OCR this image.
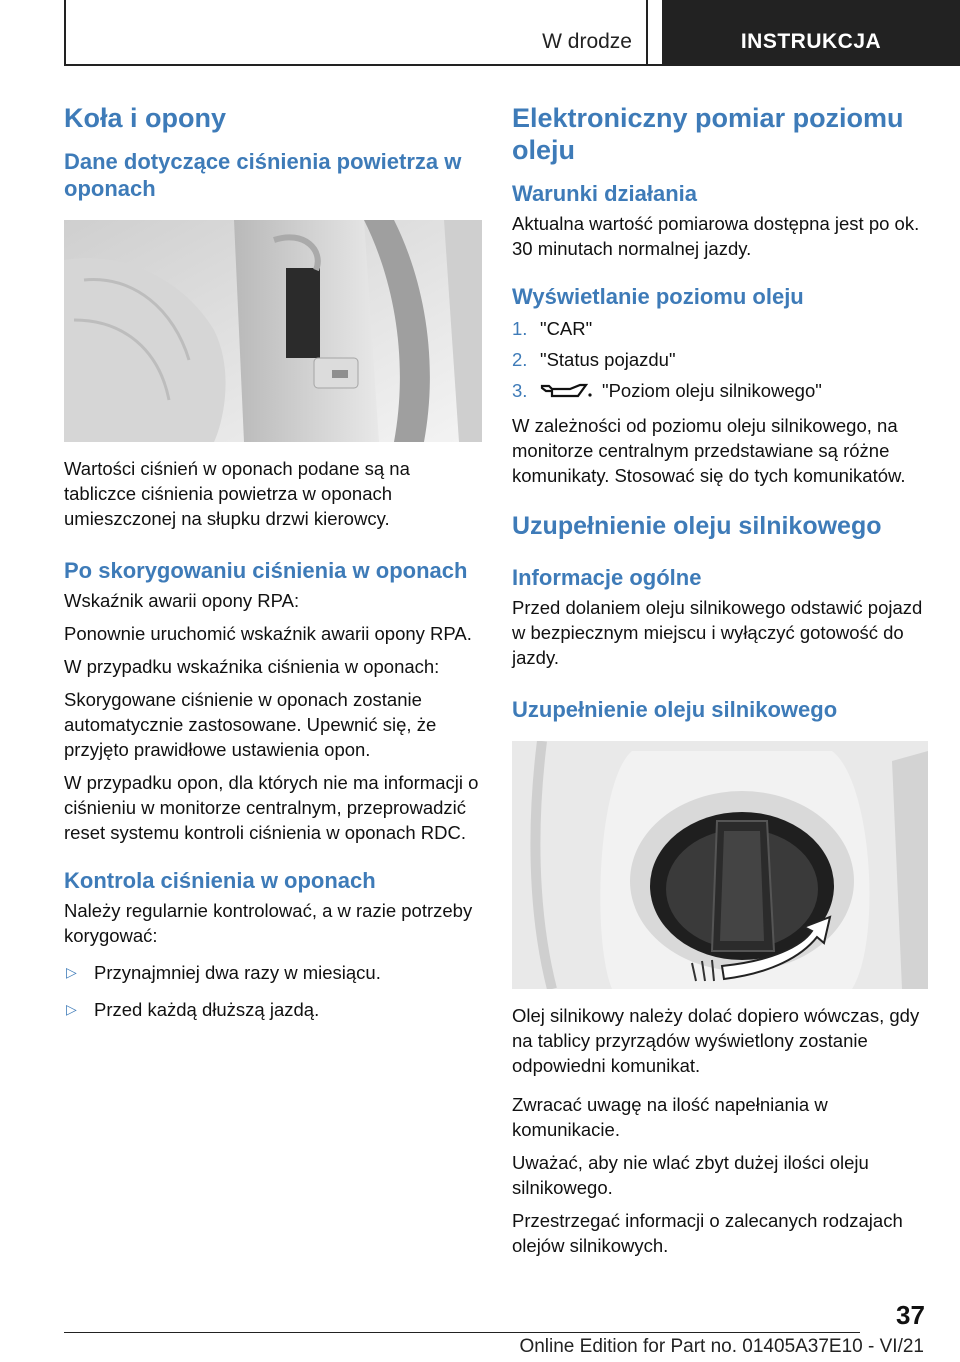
W drodze	INSTRUKCJA
Koła i opony
Dane dotyczące ciśnienia powietrza w oponach

Wartości ciśnień w oponach podane są na tabliczce ciśnienia powietrza w oponach umieszczonej na słupku drzwi kierowcy.

Po skorygowaniu ciśnienia w oponach

Wskaźnik awarii opony RPA:

Ponownie uruchomić wskaźnik awarii opony RPA.

W przypadku wskaźnika ciśnienia w oponach:

Skorygowane ciśnienie w oponach zostanie automatycznie zastosowane. Upewnić się, że przyjęto prawidłowe ustawienia opon.

W przypadku opon, dla których nie ma informacji o ciśnieniu w monitorze centralnym, przeprowadzić reset systemu kontroli ciśnienia w oponach RDC.

Kontrola ciśnienia w oponach

Należy regularnie kontrolować, a w razie potrzeby korygować:

▷ Przynajmniej dwa razy w miesiącu.
▷ Przed każdą dłuższą jazdą.
Elektroniczny pomiar poziomu oleju
Warunki działania

Aktualna wartość pomiarowa dostępna jest po ok. 30 minutach normalnej jazdy.

Wyświetlanie poziomu oleju
1. "CAR"
2. "Status pojazdu"
3.	"Poziom oleju silnikowego"

W zależności od poziomu oleju silnikowego, na monitorze centralnym przedstawiane są różne komunikaty. Stosować się do tych komunikatów.

Uzupełnienie oleju silnikowego
Informacje ogólne

Przed dolaniem oleju silnikowego odstawić pojazd w bezpiecznym miejscu i wyłączyć gotowość do jazdy.

Uzupełnienie oleju silnikowego

Olej silnikowy należy dolać dopiero wówczas, gdy na tablicy przyrządów wyświetlony zostanie odpowiedni komunikat.

Zwracać uwagę na ilość napełniania w komunikacie.

Uważać, aby nie wlać zbyt dużej ilości oleju silnikowego.

Przestrzegać informacji o zalecanych rodzajach olejów silnikowych.

37
Online Edition for Part no. 01405A37E10 - VI/21
